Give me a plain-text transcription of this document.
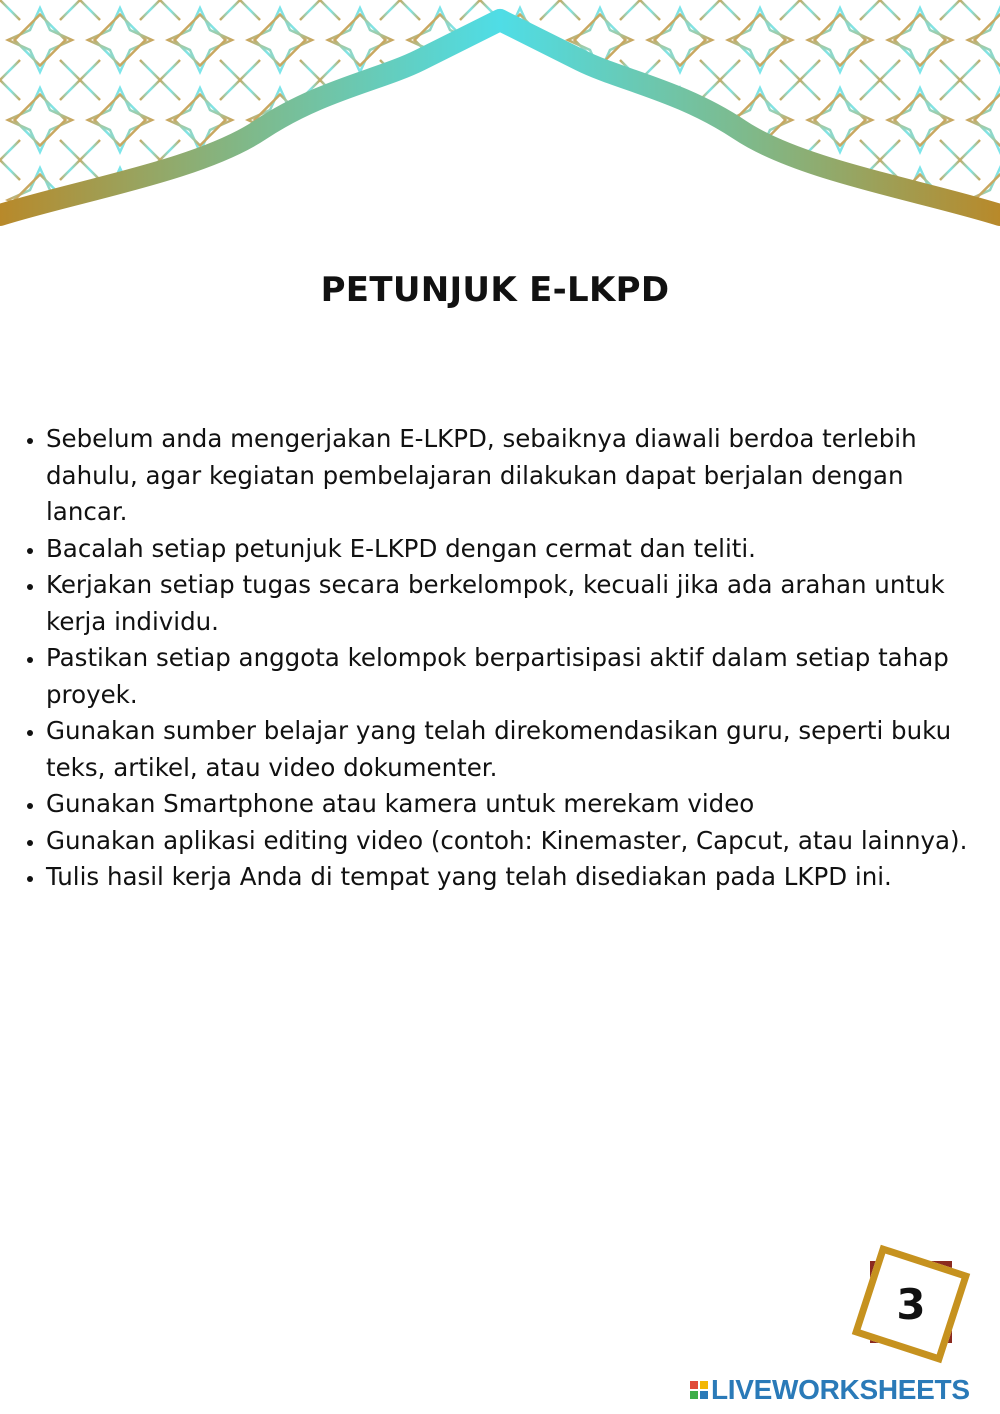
PETUNJUK E-LKPD
• Sebelum anda mengerjakan E-LKPD, sebaiknya diawali berdoa terlebih dahulu, agar kegiatan pembelajaran dilakukan dapat berjalan dengan lancar.
• Bacalah setiap petunjuk E-LKPD dengan cermat dan teliti.
• Kerjakan setiap tugas secara berkelompok, kecuali jika ada arahan untuk kerja individu.
• Pastikan setiap anggota kelompok berpartisipasi aktif dalam setiap tahap proyek.
• Gunakan sumber belajar yang telah direkomendasikan guru, seperti buku teks, artikel, atau video dokumenter.
• Gunakan Smartphone atau kamera untuk merekam video
• Gunakan aplikasi editing video (contoh: Kinemaster, Capcut, atau lainnya).
• Tulis hasil kerja Anda di tempat yang telah disediakan pada LKPD ini.
3
LIVEWORKSHEETS
